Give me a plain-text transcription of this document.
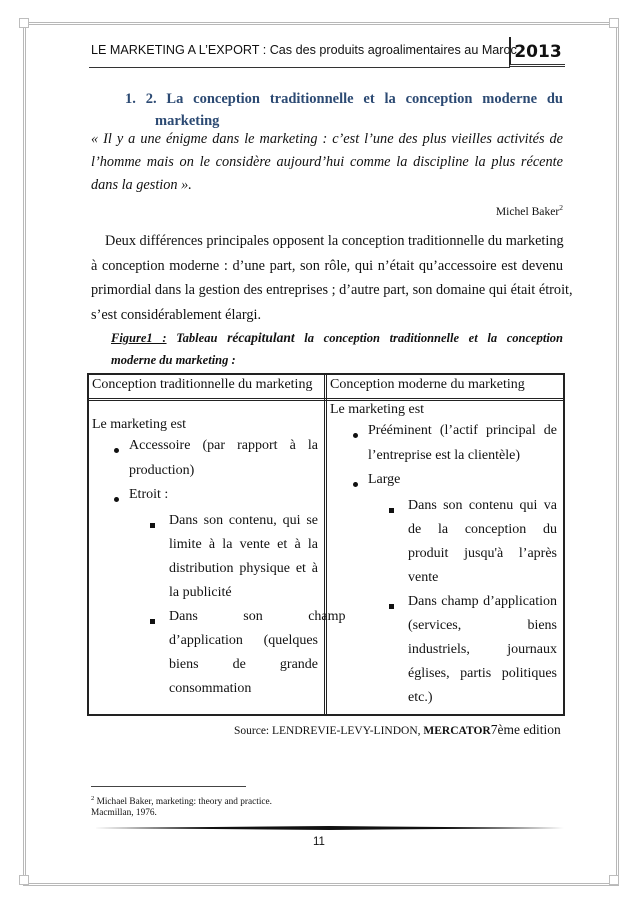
LE MARKETING A L’EXPORT : Cas des produits agroalimentaires au Maroc
2013
1. 2. La conception traditionnelle et la conception moderne du
marketing
« Il y a une énigme dans le marketing : c’est l’une des plus vieilles activités de
l’homme mais on le considère aujourd’hui comme la discipline la plus récente
dans la gestion ».
Michel Baker$^2$
Deux différences principales opposent la conception traditionnelle du marketing
à conception moderne : d’une part, son rôle, qui n’était qu’accessoire est devenu
primordial dans la gestion des entreprises ; d’autre part, son domaine qui était étroit,
s’est considérablement élargi.
Figure1 : Tableau récapitulant la conception traditionnelle et la conception
moderne du marketing :
Conception traditionnelle du marketing	Conception moderne du marketing
Le marketing est
Accessoire (par rapport à la
production)
Etroit :
Dans son contenu, qui se
limite à la vente et à la
distribution physique et à
la publicité
Dans son champ
d’application (quelques
biens de grande
consommation
Le marketing est
Prééminent (l’actif principal de
l’entreprise est la clientèle)
Large
Dans son contenu qui va
de la conception du
produit jusqu'à l’après
vente
Dans champ d’application
(services, biens
industriels, journaux
églises, partis politiques
etc.)
Source: LENDREVIE-LEVY-LINDON, MERCATOR7ème edition
$^2$ Michael Baker, marketing: theory and practice.
Macmillan, 1976.
11
